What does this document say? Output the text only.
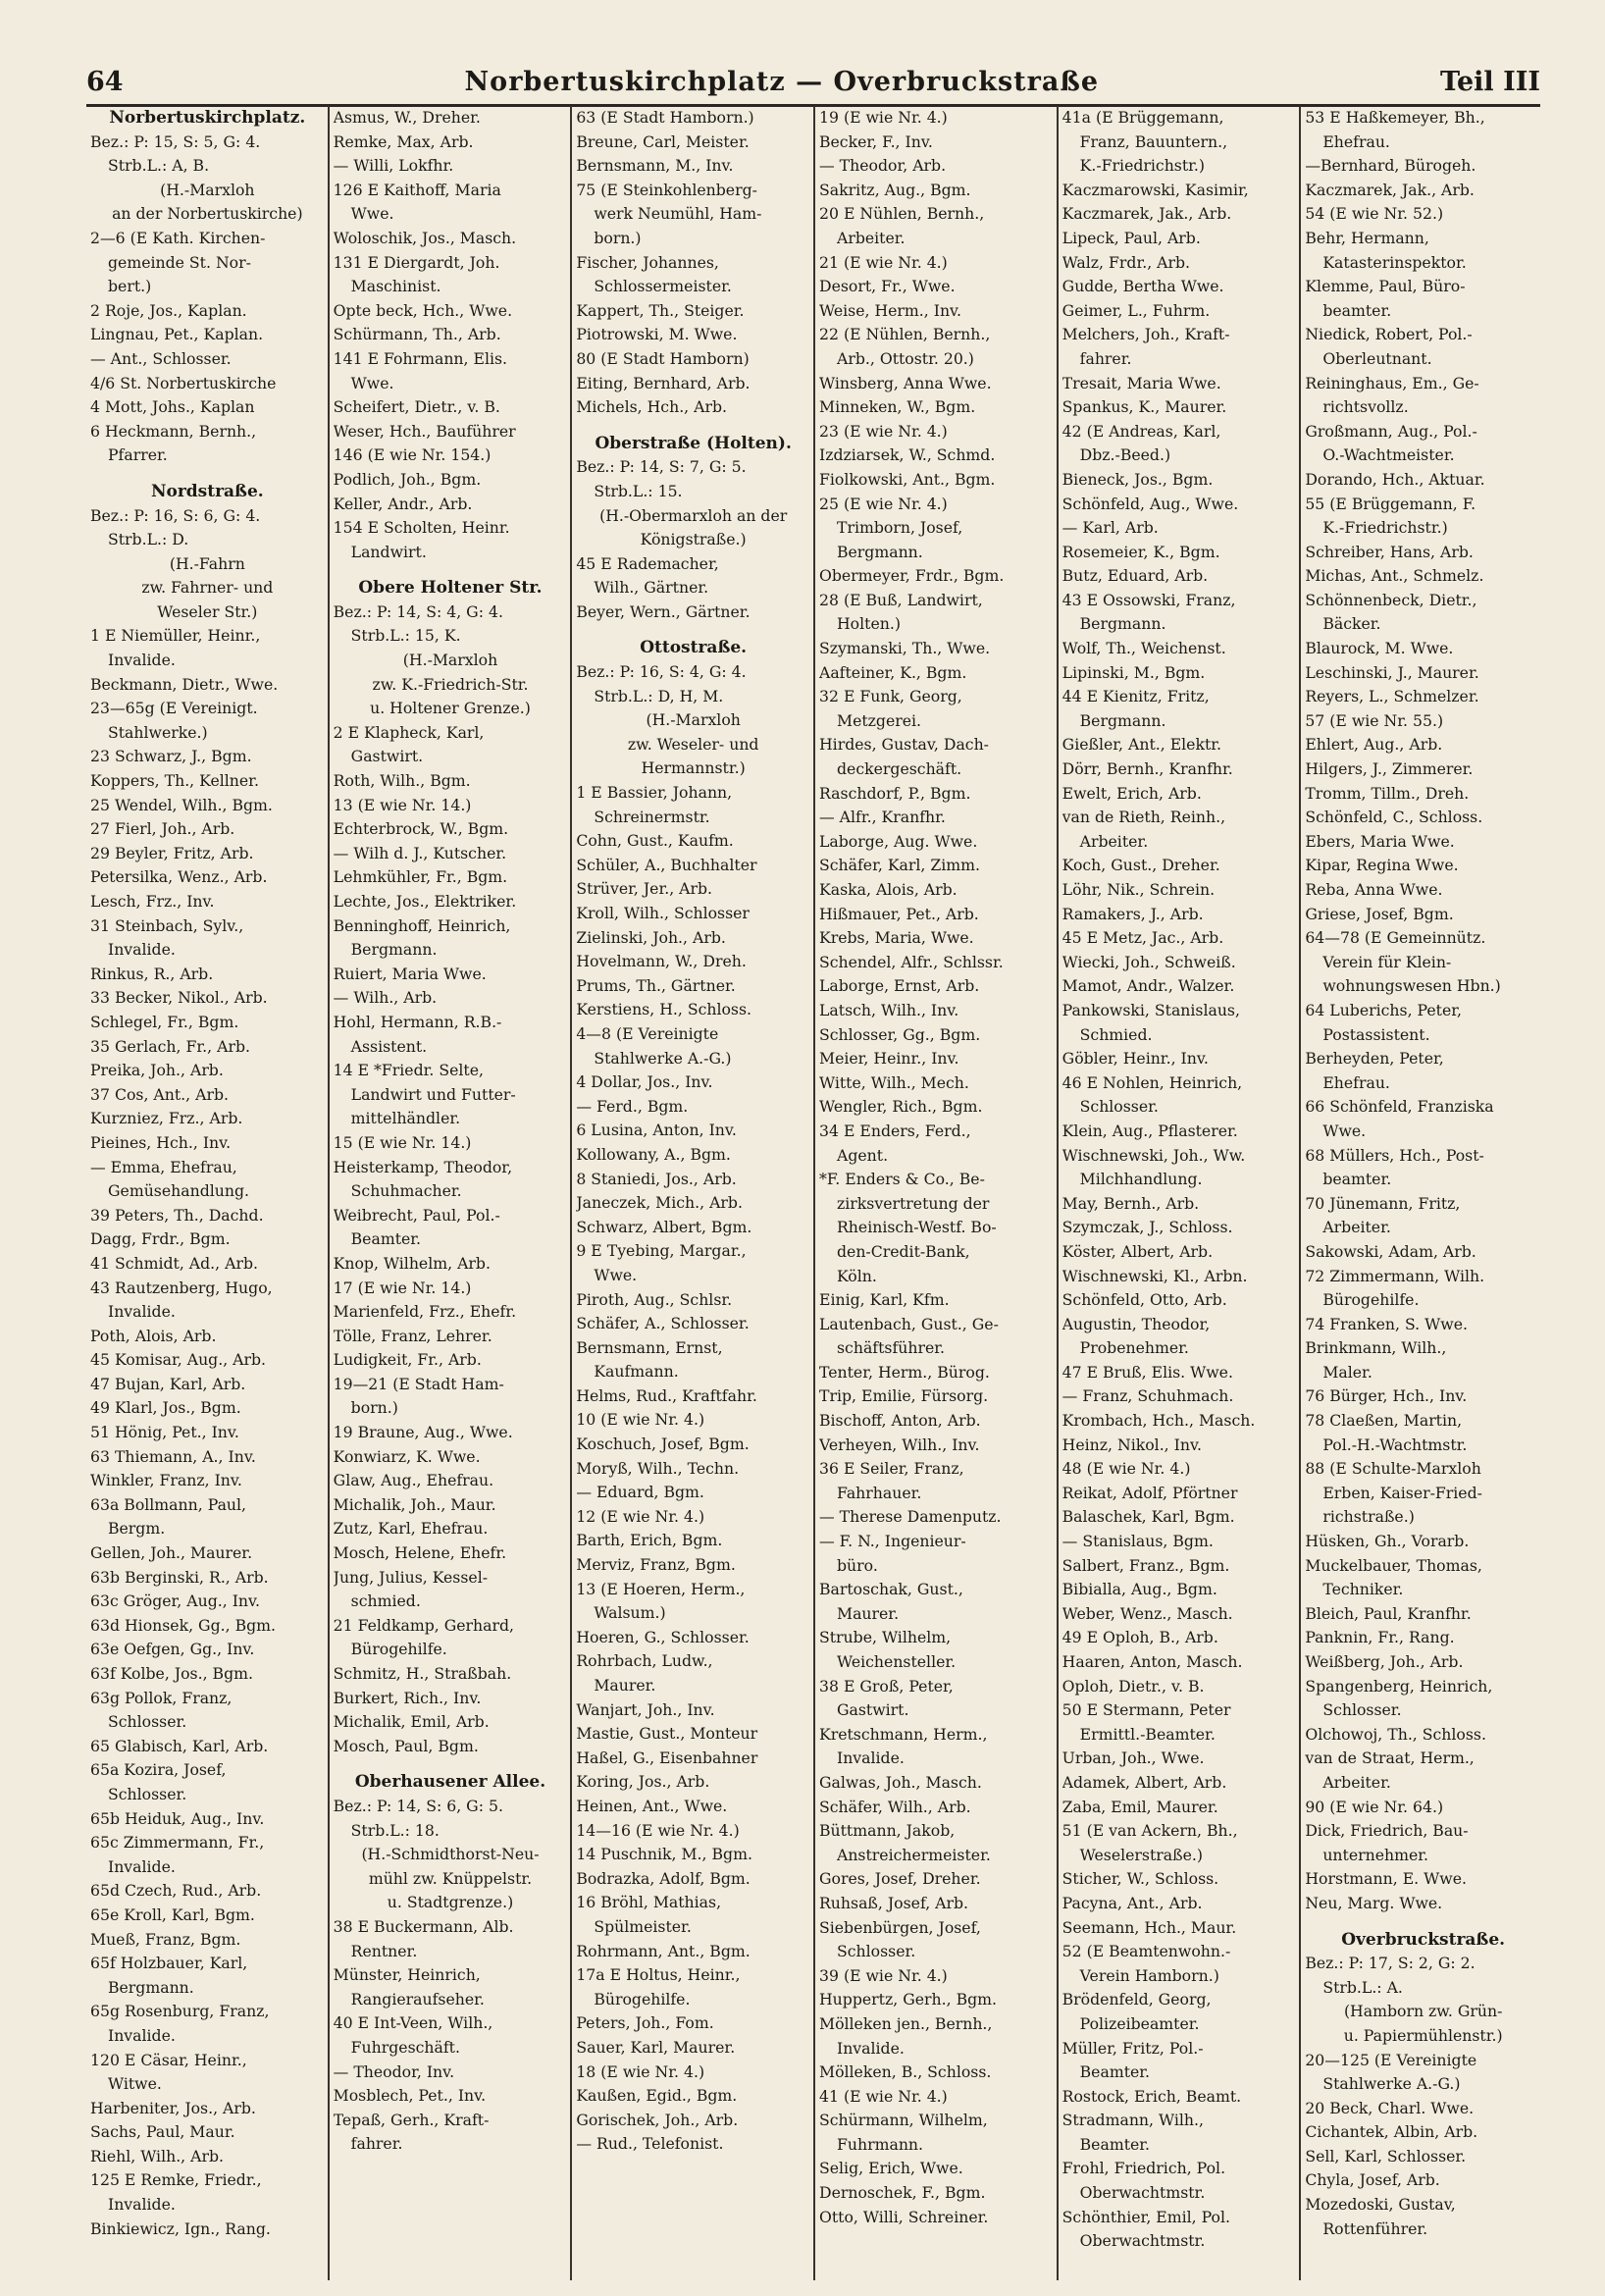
64	Norbertuskirchplatz — Overbruckstraße	Teil III
Norbertuskirchplatz.
Bez.: P: 15, S: 5, G: 4.
Strb.L.: A, B.
(H.-Marxloh
an der Norbertuskirche)
2—6 (E Kath. Kirchen-
gemeinde St. Nor-
bert.)
2 Roje, Jos., Kaplan.
Lingnau, Pet., Kaplan.
— Ant., Schlosser.
4/6 St. Norbertuskirche
4 Mott, Johs., Kaplan
6 Heckmann, Bernh.,
Pfarrer.
Nordstraße.
Bez.: P: 16, S: 6, G: 4.
Strb.L.: D.
(H.-Fahrn
zw. Fahrner- und
Weseler Str.)
1 E Niemüller, Heinr.,
Invalide.
Beckmann, Dietr., Wwe.
23—65g (E Vereinigt.
Stahlwerke.)
23 Schwarz, J., Bgm.
Koppers, Th., Kellner.
25 Wendel, Wilh., Bgm.
27 Fierl, Joh., Arb.
29 Beyler, Fritz, Arb.
Petersilka, Wenz., Arb.
Lesch, Frz., Inv.
31 Steinbach, Sylv.,
Invalide.
Rinkus, R., Arb.
33 Becker, Nikol., Arb.
Schlegel, Fr., Bgm.
35 Gerlach, Fr., Arb.
Preika, Joh., Arb.
37 Cos, Ant., Arb.
Kurzniez, Frz., Arb.
Pieines, Hch., Inv.
— Emma, Ehefrau,
Gemüsehandlung.
39 Peters, Th., Dachd.
Dagg, Frdr., Bgm.
41 Schmidt, Ad., Arb.
43 Rautzenberg, Hugo,
Invalide.
Poth, Alois, Arb.
45 Komisar, Aug., Arb.
47 Bujan, Karl, Arb.
49 Klarl, Jos., Bgm.
51 Hönig, Pet., Inv.
63 Thiemann, A., Inv.
Winkler, Franz, Inv.
63a Bollmann, Paul,
Bergm.
Gellen, Joh., Maurer.
63b Berginski, R., Arb.
63c Gröger, Aug., Inv.
63d Hionsek, Gg., Bgm.
63e Oefgen, Gg., Inv.
63f Kolbe, Jos., Bgm.
63g Pollok, Franz,
Schlosser.
65 Glabisch, Karl, Arb.
65a Kozira, Josef,
Schlosser.
65b Heiduk, Aug., Inv.
65c Zimmermann, Fr.,
Invalide.
65d Czech, Rud., Arb.
65e Kroll, Karl, Bgm.
Mueß, Franz, Bgm.
65f Holzbauer, Karl,
Bergmann.
65g Rosenburg, Franz,
Invalide.
120 E Cäsar, Heinr.,
Witwe.
Harbeniter, Jos., Arb.
Sachs, Paul, Maur.
Riehl, Wilh., Arb.
125 E Remke, Friedr.,
Invalide.
Binkiewicz, Ign., Rang.
Asmus, W., Dreher.
Remke, Max, Arb.
— Willi, Lokfhr.
126 E Kaithoff, Maria
Wwe.
Woloschik, Jos., Masch.
131 E Diergardt, Joh.
Maschinist.
Opte beck, Hch., Wwe.
Schürmann, Th., Arb.
141 E Fohrmann, Elis.
Wwe.
Scheifert, Dietr., v. B.
Weser, Hch., Bauführer
146 (E wie Nr. 154.)
Podlich, Joh., Bgm.
Keller, Andr., Arb.
154 E Scholten, Heinr.
Landwirt.
Obere Holtener Str.
Bez.: P: 14, S: 4, G: 4.
Strb.L.: 15, K.
(H.-Marxloh
zw. K.-Friedrich-Str.
u. Holtener Grenze.)
2 E Klapheck, Karl,
Gastwirt.
Roth, Wilh., Bgm.
13 (E wie Nr. 14.)
Echterbrock, W., Bgm.
— Wilh d. J., Kutscher.
Lehmkühler, Fr., Bgm.
Lechte, Jos., Elektriker.
Benninghoff, Heinrich,
Bergmann.
Ruiert, Maria Wwe.
— Wilh., Arb.
Hohl, Hermann, R.B.-
Assistent.
14 E *Friedr. Selte,
Landwirt und Futter-
mittelhändler.
15 (E wie Nr. 14.)
Heisterkamp, Theodor,
Schuhmacher.
Weibrecht, Paul, Pol.-
Beamter.
Knop, Wilhelm, Arb.
17 (E wie Nr. 14.)
Marienfeld, Frz., Ehefr.
Tölle, Franz, Lehrer.
Ludigkeit, Fr., Arb.
19—21 (E Stadt Ham-
born.)
19 Braune, Aug., Wwe.
Konwiarz, K. Wwe.
Glaw, Aug., Ehefrau.
Michalik, Joh., Maur.
Zutz, Karl, Ehefrau.
Mosch, Helene, Ehefr.
Jung, Julius, Kessel-
schmied.
21 Feldkamp, Gerhard,
Bürogehilfe.
Schmitz, H., Straßbah.
Burkert, Rich., Inv.
Michalik, Emil, Arb.
Mosch, Paul, Bgm.
Oberhausener Allee.
Bez.: P: 14, S: 6, G: 5.
Strb.L.: 18.
(H.-Schmidthorst-Neu-
mühl zw. Knüppelstr.
u. Stadtgrenze.)
38 E Buckermann, Alb.
Rentner.
Münster, Heinrich,
Rangieraufseher.
40 E Int-Veen, Wilh.,
Fuhrgeschäft.
— Theodor, Inv.
Mosblech, Pet., Inv.
Tepaß, Gerh., Kraft-
fahrer.
63 (E Stadt Hamborn.)
Breune, Carl, Meister.
Bernsmann, M., Inv.
75 (E Steinkohlenberg-
werk Neumühl, Ham-
born.)
Fischer, Johannes,
Schlossermeister.
Kappert, Th., Steiger.
Piotrowski, M. Wwe.
80 (E Stadt Hamborn)
Eiting, Bernhard, Arb.
Michels, Hch., Arb.
Oberstraße (Holten).
Bez.: P: 14, S: 7, G: 5.
Strb.L.: 15.
(H.-Obermarxloh an der
Königstraße.)
45 E Rademacher,
Wilh., Gärtner.
Beyer, Wern., Gärtner.
Ottostraße.
Bez.: P: 16, S: 4, G: 4.
Strb.L.: D, H, M.
(H.-Marxloh
zw. Weseler- und
Hermannstr.)
1 E Bassier, Johann,
Schreinermstr.
Cohn, Gust., Kaufm.
Schüler, A., Buchhalter
Strüver, Jer., Arb.
Kroll, Wilh., Schlosser
Zielinski, Joh., Arb.
Hovelmann, W., Dreh.
Prums, Th., Gärtner.
Kerstiens, H., Schloss.
4—8 (E Vereinigte
Stahlwerke A.-G.)
4 Dollar, Jos., Inv.
— Ferd., Bgm.
6 Lusina, Anton, Inv.
Kollowany, A., Bgm.
8 Staniedi, Jos., Arb.
Janeczek, Mich., Arb.
Schwarz, Albert, Bgm.
9 E Tyebing, Margar.,
Wwe.
Piroth, Aug., Schlsr.
Schäfer, A., Schlosser.
Bernsmann, Ernst,
Kaufmann.
Helms, Rud., Kraftfahr.
10 (E wie Nr. 4.)
Koschuch, Josef, Bgm.
Moryß, Wilh., Techn.
— Eduard, Bgm.
12 (E wie Nr. 4.)
Barth, Erich, Bgm.
Merviz, Franz, Bgm.
13 (E Hoeren, Herm.,
Walsum.)
Hoeren, G., Schlosser.
Rohrbach, Ludw.,
Maurer.
Wanjart, Joh., Inv.
Mastie, Gust., Monteur
Haßel, G., Eisenbahner
Koring, Jos., Arb.
Heinen, Ant., Wwe.
14—16 (E wie Nr. 4.)
14 Puschnik, M., Bgm.
Bodrazka, Adolf, Bgm.
16 Bröhl, Mathias,
Spülmeister.
Rohrmann, Ant., Bgm.
17a E Holtus, Heinr.,
Bürogehilfe.
Peters, Joh., Fom.
Sauer, Karl, Maurer.
18 (E wie Nr. 4.)
Kaußen, Egid., Bgm.
Gorischek, Joh., Arb.
— Rud., Telefonist.
19 (E wie Nr. 4.)
Becker, F., Inv.
— Theodor, Arb.
Sakritz, Aug., Bgm.
20 E Nühlen, Bernh.,
Arbeiter.
21 (E wie Nr. 4.)
Desort, Fr., Wwe.
Weise, Herm., Inv.
22 (E Nühlen, Bernh.,
Arb., Ottostr. 20.)
Winsberg, Anna Wwe.
Minneken, W., Bgm.
23 (E wie Nr. 4.)
Izdziarsek, W., Schmd.
Fiolkowski, Ant., Bgm.
25 (E wie Nr. 4.)
Trimborn, Josef,
Bergmann.
Obermeyer, Frdr., Bgm.
28 (E Buß, Landwirt,
Holten.)
Szymanski, Th., Wwe.
Aafteiner, K., Bgm.
32 E Funk, Georg,
Metzgerei.
Hirdes, Gustav, Dach-
deckergeschäft.
Raschdorf, P., Bgm.
— Alfr., Kranfhr.
Laborge, Aug. Wwe.
Schäfer, Karl, Zimm.
Kaska, Alois, Arb.
Hißmauer, Pet., Arb.
Krebs, Maria, Wwe.
Schendel, Alfr., Schlssr.
Laborge, Ernst, Arb.
Latsch, Wilh., Inv.
Schlosser, Gg., Bgm.
Meier, Heinr., Inv.
Witte, Wilh., Mech.
Wengler, Rich., Bgm.
34 E Enders, Ferd.,
Agent.
*F. Enders & Co., Be-
zirksvertretung der
Rheinisch-Westf. Bo-
den-Credit-Bank,
Köln.
Einig, Karl, Kfm.
Lautenbach, Gust., Ge-
schäftsführer.
Tenter, Herm., Bürog.
Trip, Emilie, Fürsorg.
Bischoff, Anton, Arb.
Verheyen, Wilh., Inv.
36 E Seiler, Franz,
Fahrhauer.
— Therese Damenputz.
— F. N., Ingenieur-
büro.
Bartoschak, Gust.,
Maurer.
Strube, Wilhelm,
Weichensteller.
38 E Groß, Peter,
Gastwirt.
Kretschmann, Herm.,
Invalide.
Galwas, Joh., Masch.
Schäfer, Wilh., Arb.
Büttmann, Jakob,
Anstreichermeister.
Gores, Josef, Dreher.
Ruhsaß, Josef, Arb.
Siebenbürgen, Josef,
Schlosser.
39 (E wie Nr. 4.)
Huppertz, Gerh., Bgm.
Mölleken jen., Bernh.,
Invalide.
Mölleken, B., Schloss.
41 (E wie Nr. 4.)
Schürmann, Wilhelm,
Fuhrmann.
Selig, Erich, Wwe.
Dernoschek, F., Bgm.
Otto, Willi, Schreiner.
41a (E Brüggemann,
Franz, Bauuntern.,
K.-Friedrichstr.)
Kaczmarowski, Kasimir,
Kaczmarek, Jak., Arb.
Lipeck, Paul, Arb.
Walz, Frdr., Arb.
Gudde, Bertha Wwe.
Geimer, L., Fuhrm.
Melchers, Joh., Kraft-
fahrer.
Tresait, Maria Wwe.
Spankus, K., Maurer.
42 (E Andreas, Karl,
Dbz.-Beed.)
Bieneck, Jos., Bgm.
Schönfeld, Aug., Wwe.
— Karl, Arb.
Rosemeier, K., Bgm.
Butz, Eduard, Arb.
43 E Ossowski, Franz,
Bergmann.
Wolf, Th., Weichenst.
Lipinski, M., Bgm.
44 E Kienitz, Fritz,
Bergmann.
Gießler, Ant., Elektr.
Dörr, Bernh., Kranfhr.
Ewelt, Erich, Arb.
van de Rieth, Reinh.,
Arbeiter.
Koch, Gust., Dreher.
Löhr, Nik., Schrein.
Ramakers, J., Arb.
45 E Metz, Jac., Arb.
Wiecki, Joh., Schweiß.
Mamot, Andr., Walzer.
Pankowski, Stanislaus,
Schmied.
Göbler, Heinr., Inv.
46 E Nohlen, Heinrich,
Schlosser.
Klein, Aug., Pflasterer.
Wischnewski, Joh., Ww.
Milchhandlung.
May, Bernh., Arb.
Szymczak, J., Schloss.
Köster, Albert, Arb.
Wischnewski, Kl., Arbn.
Schönfeld, Otto, Arb.
Augustin, Theodor,
Probenehmer.
47 E Bruß, Elis. Wwe.
— Franz, Schuhmach.
Krombach, Hch., Masch.
Heinz, Nikol., Inv.
48 (E wie Nr. 4.)
Reikat, Adolf, Pförtner
Balaschek, Karl, Bgm.
— Stanislaus, Bgm.
Salbert, Franz., Bgm.
Bibialla, Aug., Bgm.
Weber, Wenz., Masch.
49 E Oploh, B., Arb.
Haaren, Anton, Masch.
Oploh, Dietr., v. B.
50 E Stermann, Peter
Ermittl.-Beamter.
Urban, Joh., Wwe.
Adamek, Albert, Arb.
Zaba, Emil, Maurer.
51 (E van Ackern, Bh.,
Weselerstraße.)
Sticher, W., Schloss.
Pacyna, Ant., Arb.
Seemann, Hch., Maur.
52 (E Beamtenwohn.-
Verein Hamborn.)
Brödenfeld, Georg,
Polizeibeamter.
Müller, Fritz, Pol.-
Beamter.
Rostock, Erich, Beamt.
Stradmann, Wilh.,
Beamter.
Frohl, Friedrich, Pol.
Oberwachtmstr.
Schönthier, Emil, Pol.
Oberwachtmstr.
53 E Haßkemeyer, Bh.,
Ehefrau.
—Bernhard, Bürogeh.
Kaczmarek, Jak., Arb.
54 (E wie Nr. 52.)
Behr, Hermann,
Katasterinspektor.
Klemme, Paul, Büro-
beamter.
Niedick, Robert, Pol.-
Oberleutnant.
Reininghaus, Em., Ge-
richtsvollz.
Großmann, Aug., Pol.-
O.-Wachtmeister.
Dorando, Hch., Aktuar.
55 (E Brüggemann, F.
K.-Friedrichstr.)
Schreiber, Hans, Arb.
Michas, Ant., Schmelz.
Schönnenbeck, Dietr.,
Bäcker.
Blaurock, M. Wwe.
Leschinski, J., Maurer.
Reyers, L., Schmelzer.
57 (E wie Nr. 55.)
Ehlert, Aug., Arb.
Hilgers, J., Zimmerer.
Tromm, Tillm., Dreh.
Schönfeld, C., Schloss.
Ebers, Maria Wwe.
Kipar, Regina Wwe.
Reba, Anna Wwe.
Griese, Josef, Bgm.
64—78 (E Gemeinnütz.
Verein für Klein-
wohnungswesen Hbn.)
64 Luberichs, Peter,
Postassistent.
Berheyden, Peter,
Ehefrau.
66 Schönfeld, Franziska
Wwe.
68 Müllers, Hch., Post-
beamter.
70 Jünemann, Fritz,
Arbeiter.
Sakowski, Adam, Arb.
72 Zimmermann, Wilh.
Bürogehilfe.
74 Franken, S. Wwe.
Brinkmann, Wilh.,
Maler.
76 Bürger, Hch., Inv.
78 Claeßen, Martin,
Pol.-H.-Wachtmstr.
88 (E Schulte-Marxloh
Erben, Kaiser-Fried-
richstraße.)
Hüsken, Gh., Vorarb.
Muckelbauer, Thomas,
Techniker.
Bleich, Paul, Kranfhr.
Panknin, Fr., Rang.
Weißberg, Joh., Arb.
Spangenberg, Heinrich,
Schlosser.
Olchowoj, Th., Schloss.
van de Straat, Herm.,
Arbeiter.
90 (E wie Nr. 64.)
Dick, Friedrich, Bau-
unternehmer.
Horstmann, E. Wwe.
Neu, Marg. Wwe.
Overbruckstraße.
Bez.: P: 17, S: 2, G: 2.
Strb.L.: A.
(Hamborn zw. Grün-
u. Papiermühlenstr.)
20—125 (E Vereinigte
Stahlwerke A.-G.)
20 Beck, Charl. Wwe.
Cichantek, Albin, Arb.
Sell, Karl, Schlosser.
Chyla, Josef, Arb.
Mozedoski, Gustav,
Rottenführer.
